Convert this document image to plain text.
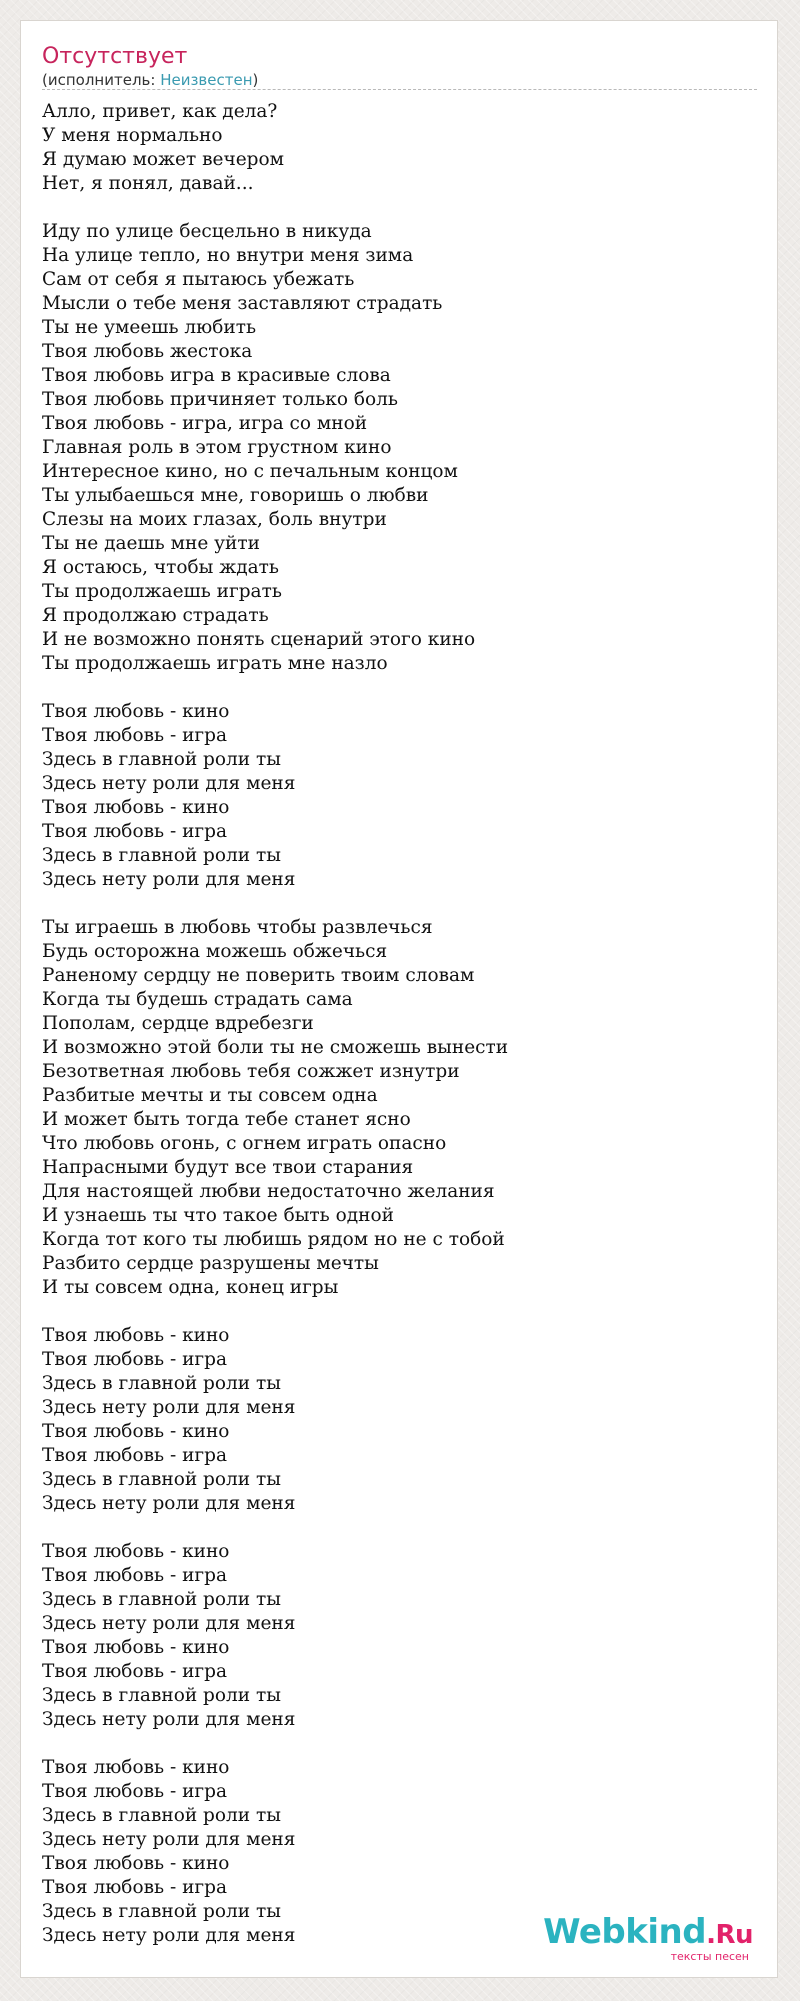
Отсутствует

(исполнитель: Неизвестен)

Алло, привет, как дела?
У меня нормально
Я думаю может вечером
Нет, я понял, давай...
Иду по улице бесцельно в никуда
На улице тепло, но внутри меня зима
Сам от себя я пытаюсь убежать
Мысли о тебе меня заставляют страдать
Ты не умеешь любить
Твоя любовь жестока
Твоя любовь игра в красивые слова
Твоя любовь причиняет только боль
Твоя любовь - игра, игра со мной
Главная роль в этом грустном кино
Интересное кино, но с печальным концом
Ты улыбаешься мне, говоришь о любви
Слезы на моих глазах, боль внутри
Ты не даешь мне уйти
Я остаюсь, чтобы ждать
Ты продолжаешь играть
Я продолжаю страдать
И не возможно понять сценарий этого кино
Ты продолжаешь играть мне назло
Твоя любовь - кино
Твоя любовь - игра
Здесь в главной роли ты
Здесь нету роли для меня
Твоя любовь - кино
Твоя любовь - игра
Здесь в главной роли ты
Здесь нету роли для меня
Ты играешь в любовь чтобы развлечься
Будь осторожна можешь обжечься
Раненому сердцу не поверить твоим словам
Когда ты будешь страдать сама
Пополам, сердце вдребезги
И возможно этой боли ты не сможешь вынести
Безответная любовь тебя сожжет изнутри
Разбитые мечты и ты совсем одна
И может быть тогда тебе станет ясно
Что любовь огонь, с огнем играть опасно
Напрасными будут все твои старания
Для настоящей любви недостаточно желания
И узнаешь ты что такое быть одной
Когда тот кого ты любишь рядом но не с тобой
Разбито сердце разрушены мечты
И ты совсем одна, конец игры
Твоя любовь - кино
Твоя любовь - игра
Здесь в главной роли ты
Здесь нету роли для меня
Твоя любовь - кино
Твоя любовь - игра
Здесь в главной роли ты
Здесь нету роли для меня
Твоя любовь - кино
Твоя любовь - игра
Здесь в главной роли ты
Здесь нету роли для меня
Твоя любовь - кино
Твоя любовь - игра
Здесь в главной роли ты
Здесь нету роли для меня
Твоя любовь - кино
Твоя любовь - игра
Здесь в главной роли ты
Здесь нету роли для меня
Твоя любовь - кино
Твоя любовь - игра
Здесь в главной роли ты
Здесь нету роли для меня	Webkind.Ru
тексты песен
